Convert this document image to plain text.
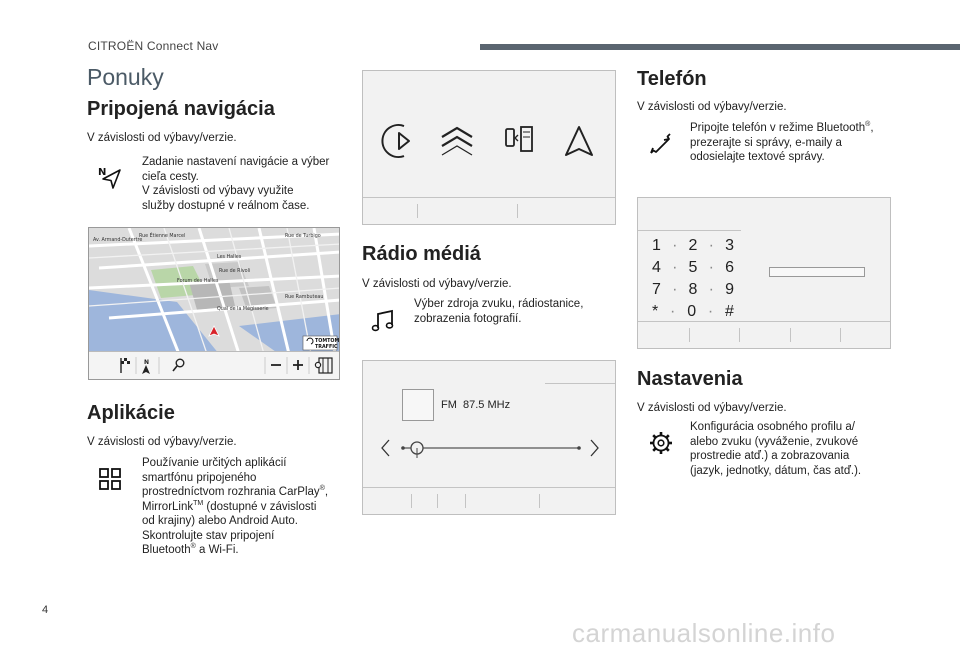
CITROËN Connect Nav
Ponuky
Pripojená navigácia
V závislosti od výbavy/verzie.
N
Zadanie nastavení navigácie a výber
cieľa cesty.
V závislosti od výbavy využite
služby dostupné v reálnom čase.
Av. Armand-Dutertre
Rue Étienne Marcel	Rue de Turbigo
Les Halles
Forum des Halles
Rue de Rivoli
Quai de la Mégisserie
Rue Rambuteau
TOMTOM
TRAFFIC
N
Aplikácie
V závislosti od výbavy/verzie.
Používanie určitých aplikácií
smartfónu pripojeného
prostredníctvom rozhrania CarPlay®,
MirrorLink™ (dostupné v závislosti
od krajiny) alebo Android Auto.
Skontrolujte stav pripojení
Bluetooth® a Wi-Fi.
Rádio médiá
V závislosti od výbavy/verzie.
Výber zdroja zvuku, rádiostanice,
zobrazenia fotografií.
FM 87.5 MHz
Telefón
V závislosti od výbavy/verzie.
Pripojte telefón v režime Bluetooth®,
prezerajte si správy, e-maily a
odosielajte textové správy.
1 · 2 · 3
4 · 5 · 6
7 · 8 · 9
* · 0 · #
Nastavenia
V závislosti od výbavy/verzie.
Konfigurácia osobného profilu a/
alebo zvuku (vyváženie, zvukové
prostredie atď.) a zobrazovania
(jazyk, jednotky, dátum, čas atď.).
4
carmanualsonline.info
